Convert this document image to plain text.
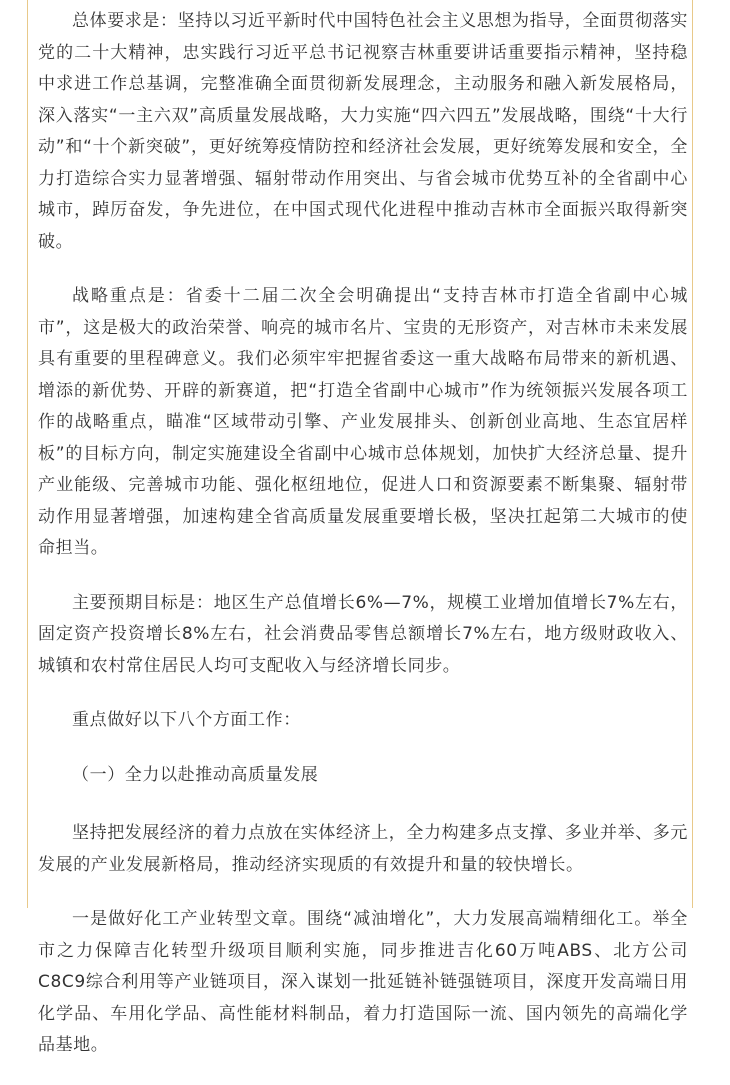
总体要求是：坚持以习近平新时代中国特色社会主义思想为指导，全面贯彻落实党的二十大精神，忠实践行习近平总书记视察吉林重要讲话重要指示精神，坚持稳中求进工作总基调，完整准确全面贯彻新发展理念，主动服务和融入新发展格局，深入落实“一主六双”高质量发展战略，大力实施“四六四五”发展战略，围绕“十大行动”和“十个新突破”，更好统筹疫情防控和经济社会发展，更好统筹发展和安全，全力打造综合实力显著增强、辐射带动作用突出、与省会城市优势互补的全省副中心城市，踔厉奋发，争先进位，在中国式现代化进程中推动吉林市全面振兴取得新突破。

战略重点是：省委十二届二次全会明确提出“支持吉林市打造全省副中心城市”，这是极大的政治荣誉、响亮的城市名片、宝贵的无形资产，对吉林市未来发展具有重要的里程碑意义。我们必须牢牢把握省委这一重大战略布局带来的新机遇、增添的新优势、开辟的新赛道，把“打造全省副中心城市”作为统领振兴发展各项工作的战略重点，瞄准“区域带动引擎、产业发展排头、创新创业高地、生态宜居样板”的目标方向，制定实施建设全省副中心城市总体规划，加快扩大经济总量、提升产业能级、完善城市功能、强化枢纽地位，促进人口和资源要素不断集聚、辐射带动作用显著增强，加速构建全省高质量发展重要增长极，坚决扛起第二大城市的使命担当。

主要预期目标是：地区生产总值增长6%—7%，规模工业增加值增长7%左右，固定资产投资增长8%左右，社会消费品零售总额增长7%左右，地方级财政收入、城镇和农村常住居民人均可支配收入与经济增长同步。

重点做好以下八个方面工作：

（一）全力以赴推动高质量发展

坚持把发展经济的着力点放在实体经济上，全力构建多点支撑、多业并举、多元发展的产业发展新格局，推动经济实现质的有效提升和量的较快增长。

一是做好化工产业转型文章。围绕“减油增化”，大力发展高端精细化工。举全市之力保障吉化转型升级项目顺利实施，同步推进吉化60万吨ABS、北方公司C8C9综合利用等产业链项目，深入谋划一批延链补链强链项目，深度开发高端日用化学品、车用化学品、高性能材料制品，着力打造国际一流、国内领先的高端化学品基地。
